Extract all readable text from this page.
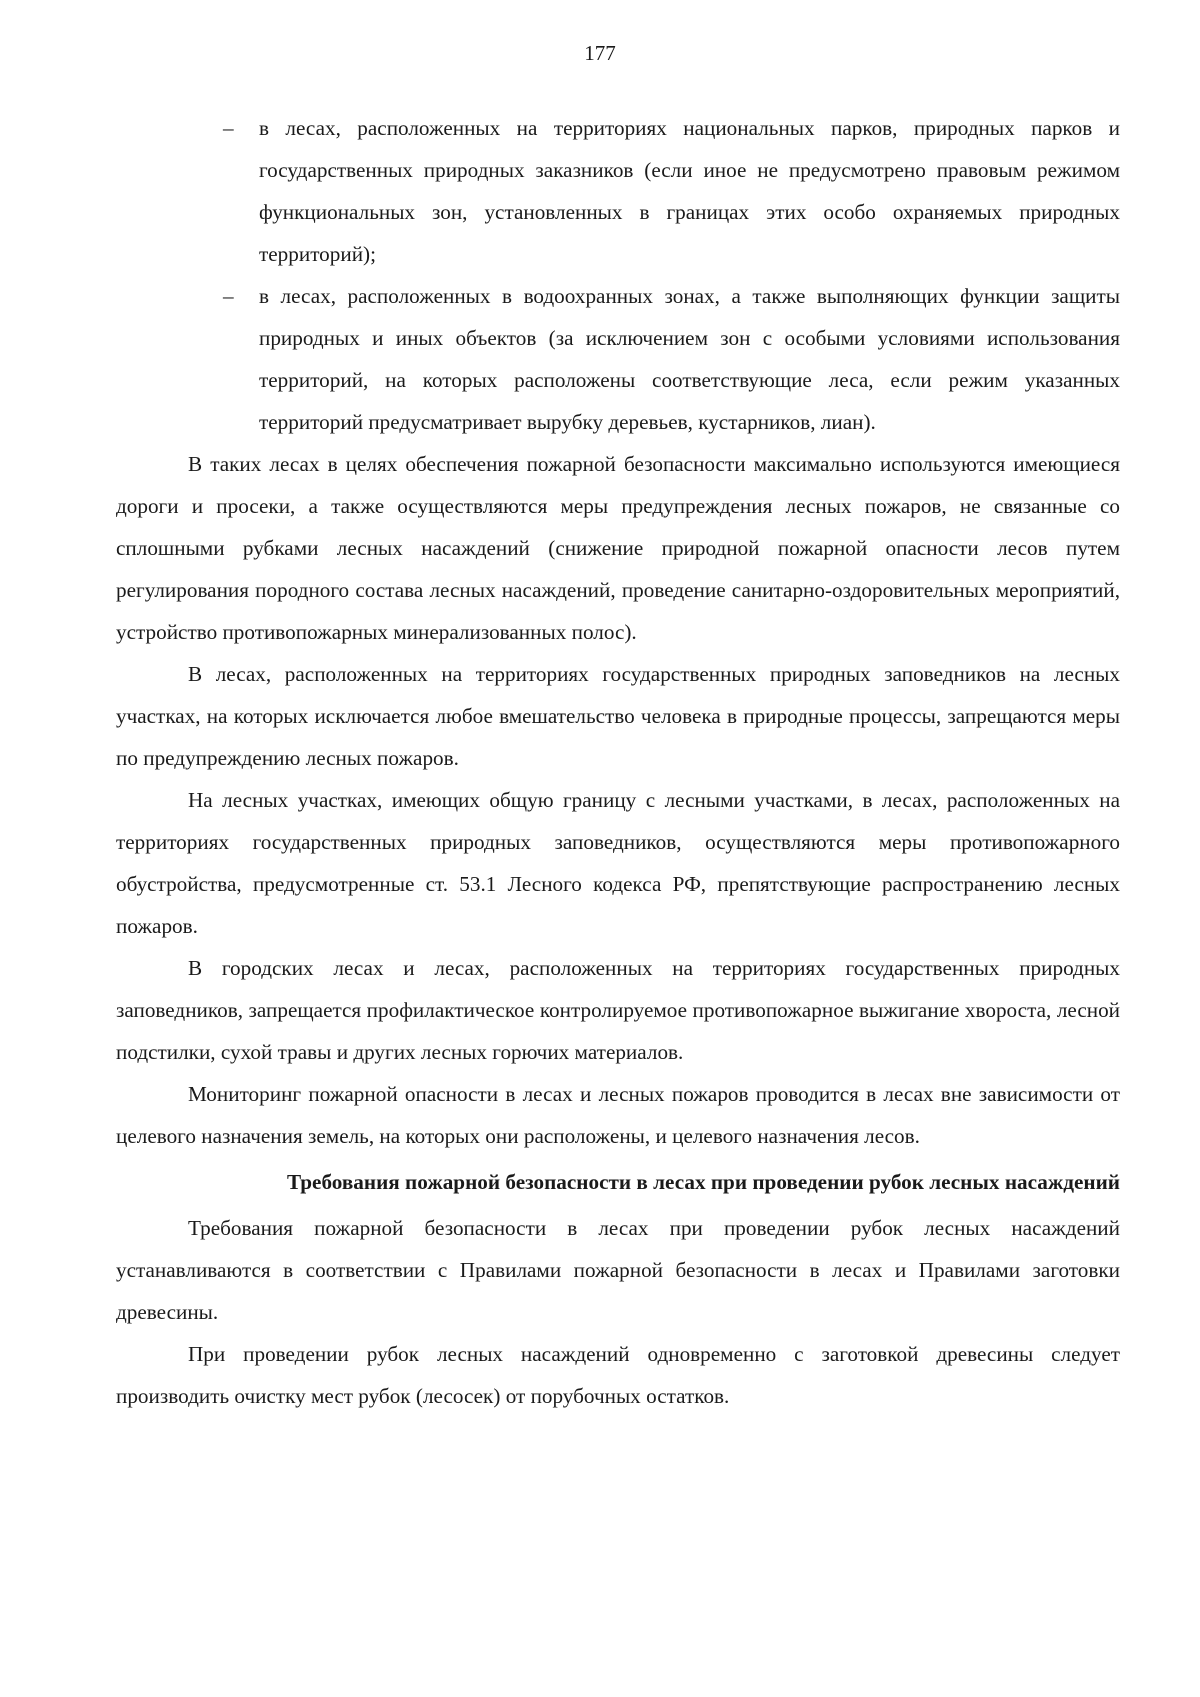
177

– в лесах, расположенных на территориях национальных парков, природных парков и государственных природных заказников (если иное не предусмотрено правовым режимом функциональных зон, установленных в границах этих особо охраняемых природных территорий);

– в лесах, расположенных в водоохранных зонах, а также выполняющих функции защиты природных и иных объектов (за исключением зон с особыми условиями использования территорий, на которых расположены соответствующие леса, если режим указанных территорий предусматривает вырубку деревьев, кустарников, лиан).

В таких лесах в целях обеспечения пожарной безопасности максимально используются имеющиеся дороги и просеки, а также осуществляются меры предупреждения лесных пожаров, не связанные со сплошными рубками лесных насаждений (снижение природной пожарной опасности лесов путем регулирования породного состава лесных насаждений, проведение санитарно-оздоровительных мероприятий, устройство противопожарных минерализованных полос).

В лесах, расположенных на территориях государственных природных заповедников на лесных участках, на которых исключается любое вмешательство человека в природные процессы, запрещаются меры по предупреждению лесных пожаров.

На лесных участках, имеющих общую границу с лесными участками, в лесах, расположенных на территориях государственных природных заповедников, осуществляются меры противопожарного обустройства, предусмотренные ст. 53.1 Лесного кодекса РФ, препятствующие распространению лесных пожаров.

В городских лесах и лесах, расположенных на территориях государственных природных заповедников, запрещается профилактическое контролируемое противопожарное выжигание хвороста, лесной подстилки, сухой травы и других лесных горючих материалов.

Мониторинг пожарной опасности в лесах и лесных пожаров проводится в лесах вне зависимости от целевого назначения земель, на которых они расположены, и целевого назначения лесов.

Требования пожарной безопасности в лесах при проведении рубок лесных насаждений

Требования пожарной безопасности в лесах при проведении рубок лесных насаждений устанавливаются в соответствии с Правилами пожарной безопасности в лесах и Правилами заготовки древесины.

При проведении рубок лесных насаждений одновременно с заготовкой древесины следует производить очистку мест рубок (лесосек) от порубочных остатков.
